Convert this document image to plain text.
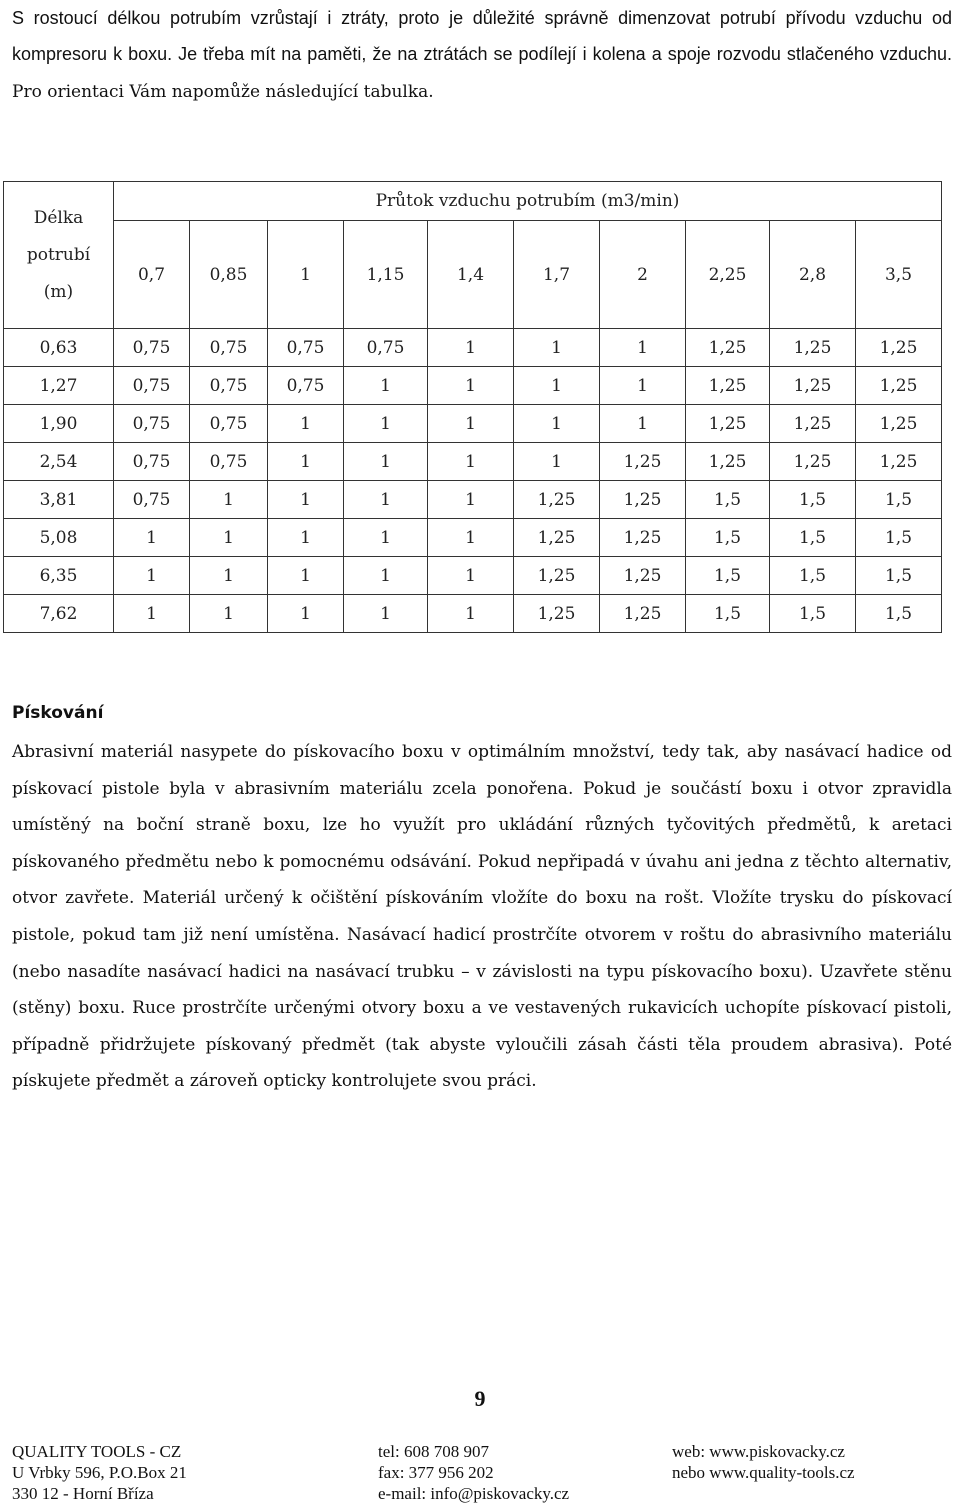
S rostoucí délkou potrubím vzrůstají i ztráty, proto je důležité správně dimenzovat potrubí přívodu vzduchu od kompresoru k boxu. Je třeba mít na paměti, že na ztrátách se podílejí i kolena a spoje rozvodu stlačeného vzduchu. Pro orientaci Vám napomůže následující tabulka.
Délka
potrubí
(m)	Průtok vzduchu potrubím (m3/min)									
	0,7	0,85	1	1,15	1,4	1,7	2	2,25	2,8	3,5
0,63	0,75	0,75	0,75	0,75	1	1	1	1,25	1,25	1,25
1,27	0,75	0,75	0,75	1	1	1	1	1,25	1,25	1,25
1,90	0,75	0,75	1	1	1	1	1	1,25	1,25	1,25
2,54	0,75	0,75	1	1	1	1	1,25	1,25	1,25	1,25
3,81	0,75	1	1	1	1	1,25	1,25	1,5	1,5	1,5
5,08	1	1	1	1	1	1,25	1,25	1,5	1,5	1,5
6,35	1	1	1	1	1	1,25	1,25	1,5	1,5	1,5
7,62	1	1	1	1	1	1,25	1,25	1,5	1,5	1,5
Pískování
Abrasivní materiál nasypete do pískovacího boxu v optimálním množství, tedy tak, aby nasávací hadice od pískovací pistole byla v abrasivním materiálu zcela ponořena. Pokud je součástí boxu i otvor zpravidla umístěný na boční straně boxu, lze ho využít pro ukládání různých tyčovitých předmětů, k aretaci pískovaného předmětu nebo k pomocnému odsávání. Pokud nepřipadá v úvahu ani jedna z těchto alternativ, otvor zavřete. Materiál určený k očištění pískováním vložíte do boxu na rošt. Vložíte trysku do pískovací pistole, pokud tam již není umístěna. Nasávací hadicí prostrčíte otvorem v roštu do abrasivního materiálu (nebo nasadíte nasávací hadici na nasávací trubku – v závislosti na typu pískovacího boxu). Uzavřete stěnu (stěny) boxu. Ruce prostrčíte určenými otvory boxu a ve vestavených rukavicích uchopíte pískovací pistoli, případně přidržujete pískovaný předmět (tak abyste vyloučili zásah části těla proudem abrasiva). Poté pískujete předmět a zároveň opticky kontrolujete svou práci.
9
QUALITY TOOLS - CZ
U Vrbky 596, P.O.Box 21
330 12 - Horní Bříza
tel: 608 708 907
fax: 377 956 202
e-mail: info@piskovacky.cz
web: www.piskovacky.cz
nebo www.quality-tools.cz
